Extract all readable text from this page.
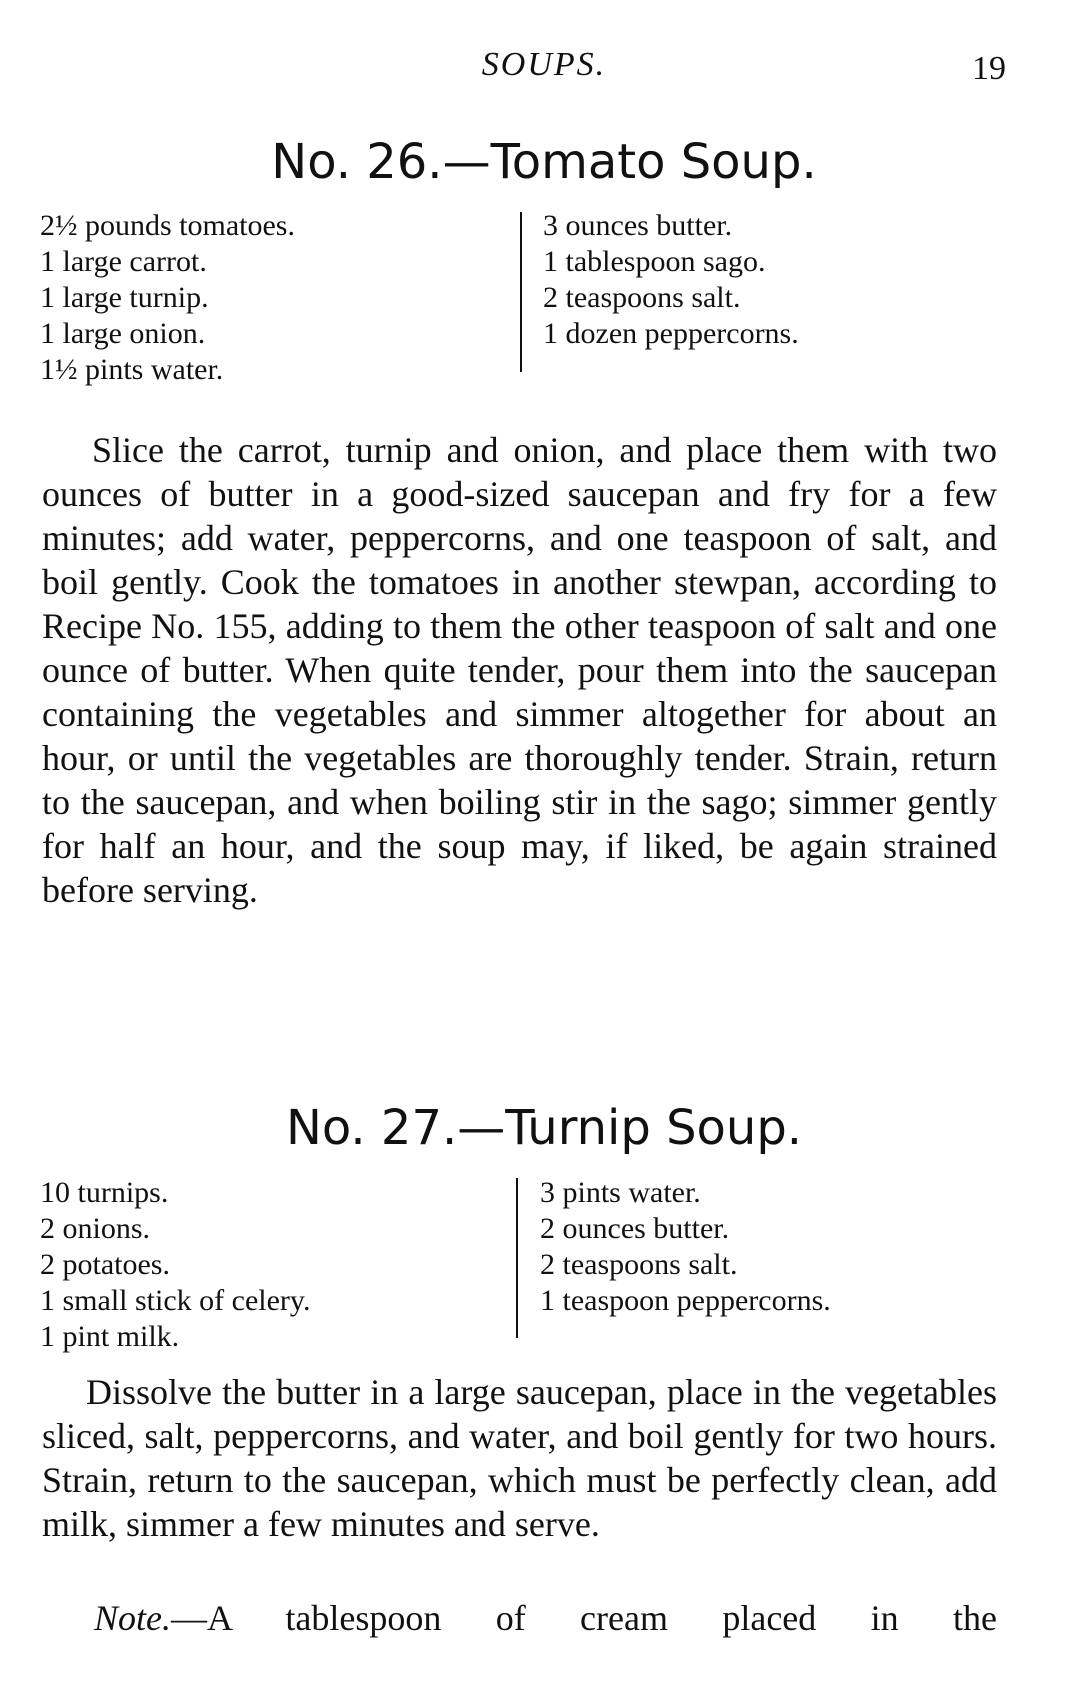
SOUPS.	19
No. 26.—Tomato Soup.
2½ pounds tomatoes.
1 large carrot.
1 large turnip.
1 large onion.
1½ pints water.
3 ounces butter.
1 tablespoon sago.
2 teaspoons salt.
1 dozen peppercorns.
Slice the carrot, turnip and onion, and place them with two ounces of butter in a good-sized saucepan and fry for a few minutes; add water, peppercorns, and one teaspoon of salt, and boil gently. Cook the tomatoes in another stewpan, according to Recipe No. 155, adding to them the other teaspoon of salt and one ounce of butter. When quite tender, pour them into the saucepan containing the vegetables and simmer altogether for about an hour, or until the vegetables are thoroughly tender. Strain, return to the saucepan, and when boiling stir in the sago; simmer gently for half an hour, and the soup may, if liked, be again strained before serving.
No. 27.—Turnip Soup.
10 turnips.
2 onions.
2 potatoes.
1 small stick of celery.
1 pint milk.
3 pints water.
2 ounces butter.
2 teaspoons salt.
1 teaspoon peppercorns.
Dissolve the butter in a large saucepan, place in the vegetables sliced, salt, peppercorns, and water, and boil gently for two hours. Strain, return to the saucepan, which must be perfectly clean, add milk, simmer a few minutes and serve.
Note.—A tablespoon of cream placed in the
